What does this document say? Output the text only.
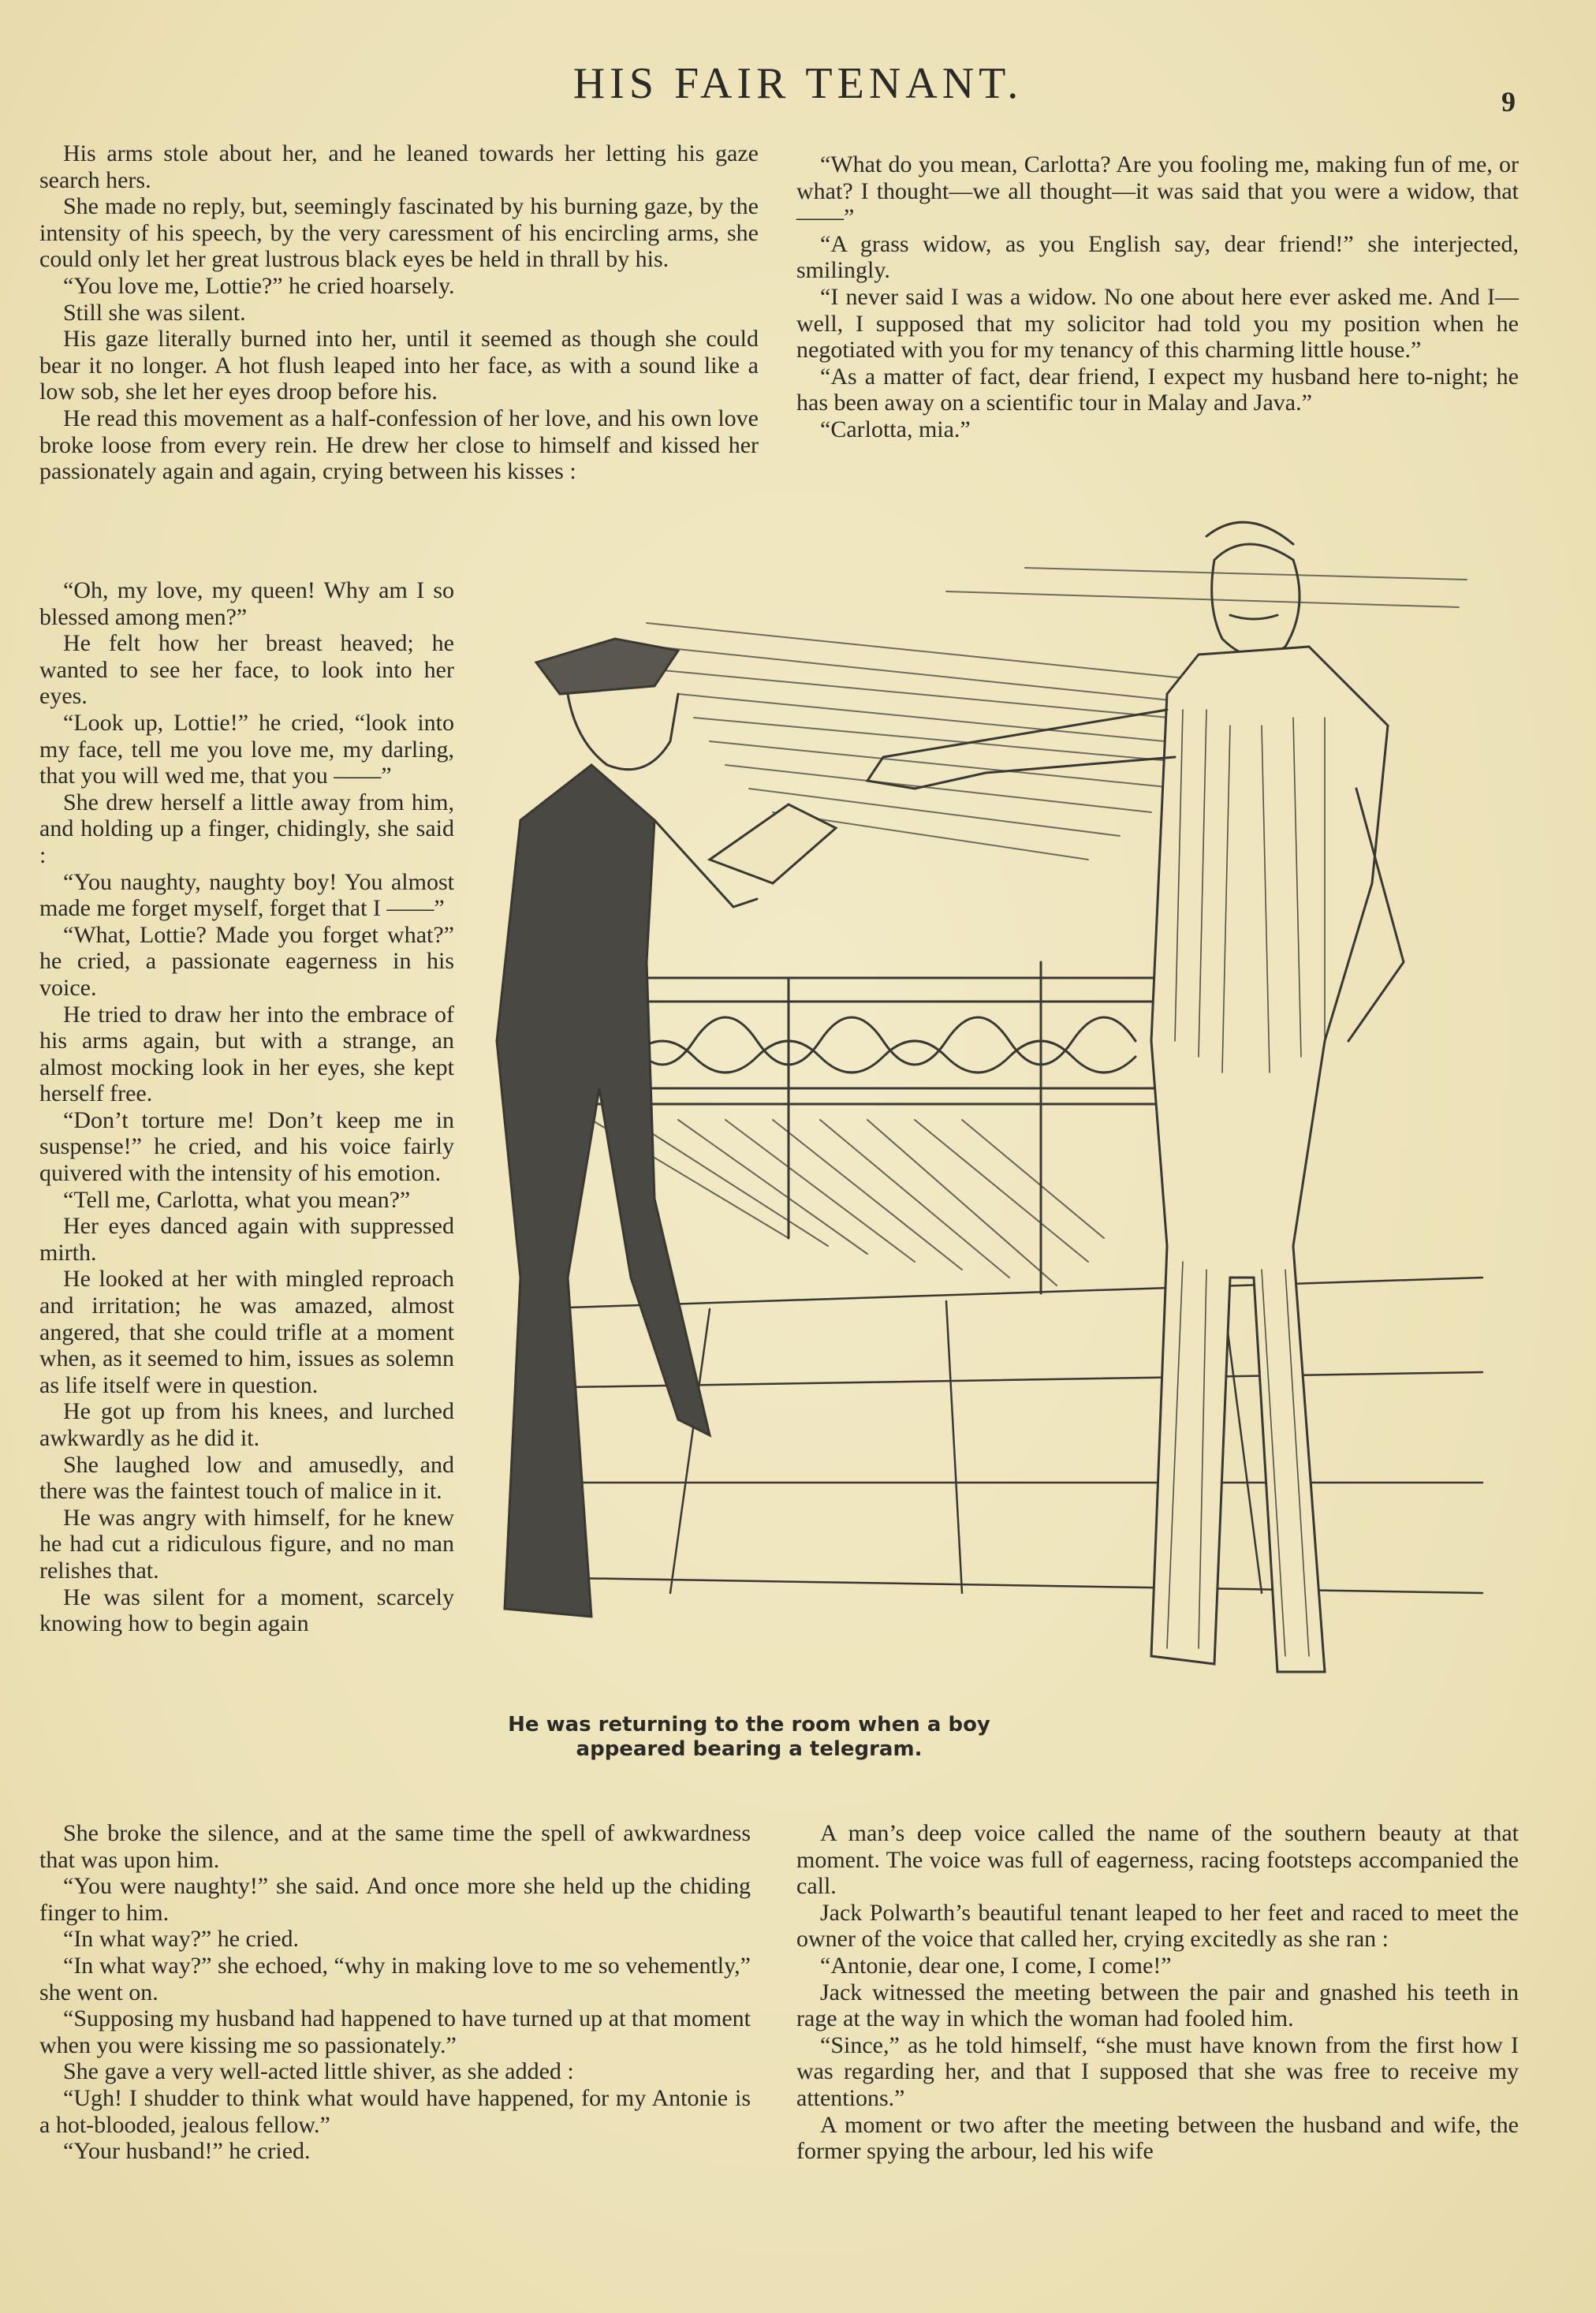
HIS FAIR TENANT.	9

His arms stole about her, and he leaned towards her letting his gaze search hers.

She made no reply, but, seemingly fascinated by his burning gaze, by the intensity of his speech, by the very caressment of his encircling arms, she could only let her great lustrous black eyes be held in thrall by his.

“You love me, Lottie?” he cried hoarsely.

Still she was silent.

His gaze literally burned into her, until it seemed as though she could bear it no longer. A hot flush leaped into her face, as with a sound like a low sob, she let her eyes droop before his.

He read this movement as a half-confession of her love, and his own love broke loose from every rein. He drew her close to himself and kissed her passionately again and again, crying between his kisses :

“What do you mean, Carlotta? Are you fooling me, making fun of me, or what? I thought—we all thought—it was said that you were a widow, that——”

“A grass widow, as you English say, dear friend!” she interjected, smilingly.

“I never said I was a widow. No one about here ever asked me. And I—well, I supposed that my solicitor had told you my position when he negotiated with you for my tenancy of this charming little house.”

“As a matter of fact, dear friend, I expect my husband here to-night; he has been away on a scientific tour in Malay and Java.”

“Carlotta, mia.”

“Oh, my love, my queen! Why am I so blessed among men?”

He felt how her breast heaved; he wanted to see her face, to look into her eyes.

“Look up, Lottie!” he cried, “look into my face, tell me you love me, my darling, that you will wed me, that you ——”

She drew herself a little away from him, and holding up a finger, chidingly, she said :

“You naughty, naughty boy! You almost made me forget myself, forget that I ——”

“What, Lottie? Made you forget what?” he cried, a passionate eagerness in his voice.

He tried to draw her into the embrace of his arms again, but with a strange, an almost mocking look in her eyes, she kept herself free.

“Don’t torture me! Don’t keep me in suspense!” he cried, and his voice fairly quivered with the intensity of his emotion.

“Tell me, Carlotta, what you mean?”

Her eyes danced again with suppressed mirth.

He looked at her with mingled reproach and irritation; he was amazed, almost angered, that she could trifle at a moment when, as it seemed to him, issues as solemn as life itself were in question.

He got up from his knees, and lurched awkwardly as he did it.

She laughed low and amusedly, and there was the faintest touch of malice in it.

He was angry with himself, for he knew he had cut a ridiculous figure, and no man relishes that.

He was silent for a moment, scarcely knowing how to begin again

He was returning to the room when a boy
appeared bearing a telegram.

She broke the silence, and at the same time the spell of awkwardness that was upon him.

“You were naughty!” she said. And once more she held up the chiding finger to him.

“In what way?” he cried.

“In what way?” she echoed, “why in making love to me so vehemently,” she went on.

“Supposing my husband had happened to have turned up at that moment when you were kissing me so passionately.”

She gave a very well-acted little shiver, as she added :

“Ugh! I shudder to think what would have happened, for my Antonie is a hot-blooded, jealous fellow.”

“Your husband!” he cried.

A man’s deep voice called the name of the southern beauty at that moment. The voice was full of eagerness, racing footsteps accompanied the call.

Jack Polwarth’s beautiful tenant leaped to her feet and raced to meet the owner of the voice that called her, crying excitedly as she ran :

“Antonie, dear one, I come, I come!”

Jack witnessed the meeting between the pair and gnashed his teeth in rage at the way in which the woman had fooled him.

“Since,” as he told himself, “she must have known from the first how I was regarding her, and that I supposed that she was free to receive my attentions.”

A moment or two after the meeting between the husband and wife, the former spying the arbour, led his wife
